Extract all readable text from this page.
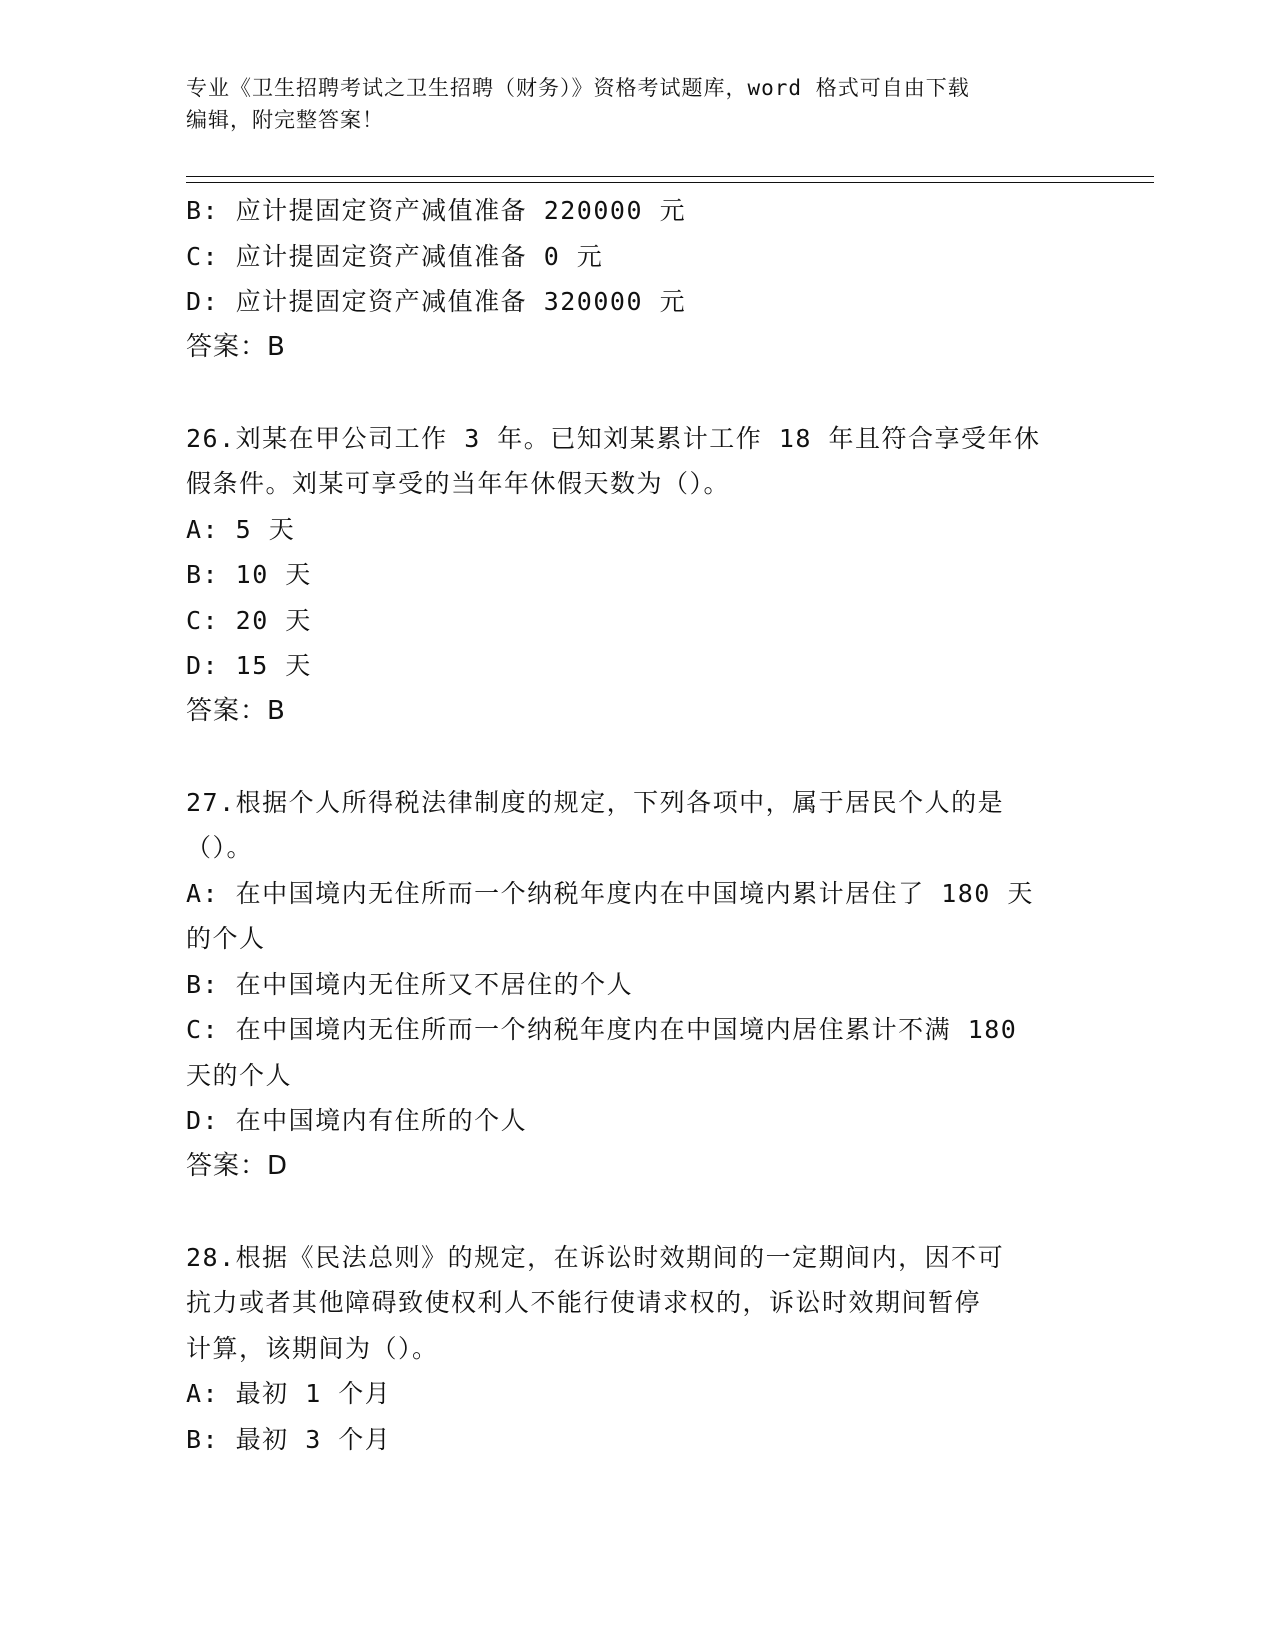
专业《卫生招聘考试之卫生招聘（财务）》资格考试题库，word 格式可自由下载
编辑，附完整答案！
B: 应计提固定资产减值准备 220000 元
C: 应计提固定资产减值准备 0 元
D: 应计提固定资产减值准备 320000 元
答案：B
26.刘某在甲公司工作 3 年。已知刘某累计工作 18 年且符合享受年休
假条件。刘某可享受的当年年休假天数为（）。
A: 5 天
B: 10 天
C: 20 天
D: 15 天
答案：B
27.根据个人所得税法律制度的规定，下列各项中，属于居民个人的是
（）。
A: 在中国境内无住所而一个纳税年度内在中国境内累计居住了 180 天
的个人
B: 在中国境内无住所又不居住的个人
C: 在中国境内无住所而一个纳税年度内在中国境内居住累计不满 180
天的个人
D: 在中国境内有住所的个人
答案：D
28.根据《民法总则》的规定，在诉讼时效期间的一定期间内，因不可
抗力或者其他障碍致使权利人不能行使请求权的，诉讼时效期间暂停
计算，该期间为（）。
A: 最初 1 个月
B: 最初 3 个月
